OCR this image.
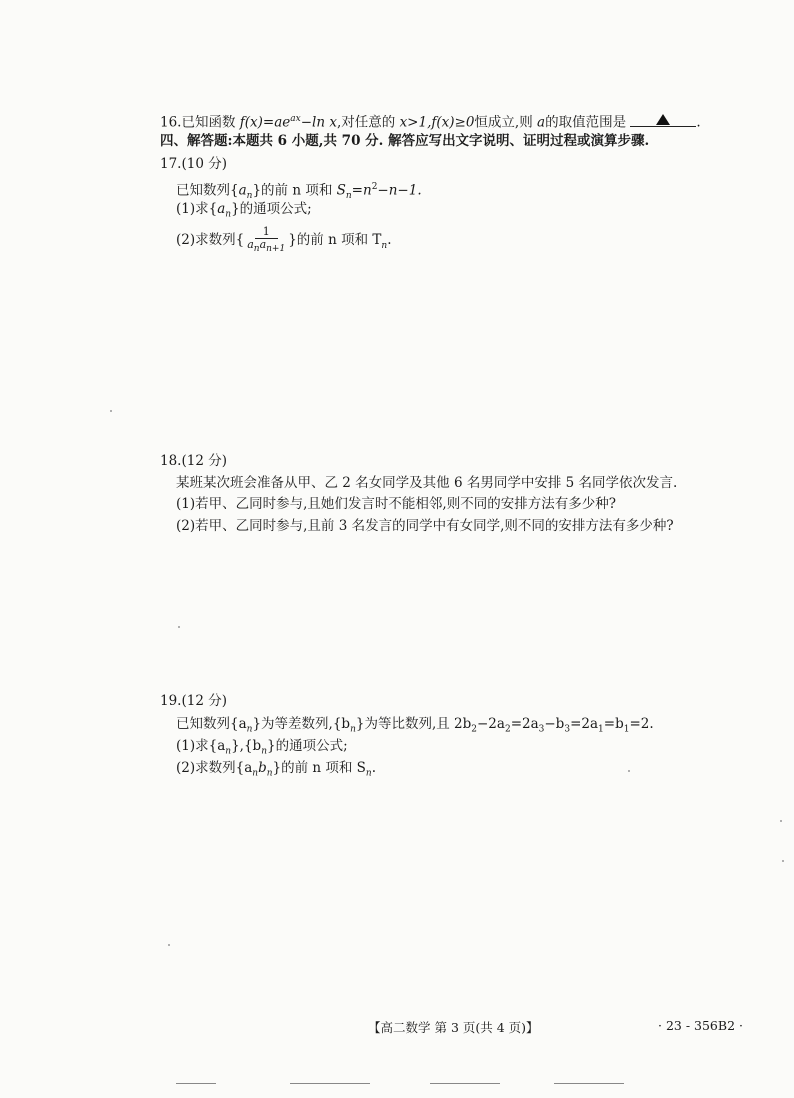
16.已知函数 $f(x)=ae^{ax}-\ln$ x,对任意的 x>1,f(x)≥0恒成立,则 a的取值范围是	.
四、解答题:本题共 6 小题,共 70 分. 解答应写出文字说明、证明过程或演算步骤.
17.(10 分)
已知数列$\{a_n\}$的前 n 项和 $S_n=n^2-n-1$.
(1)求$\{a_n\}$的通项公式;
(2)求数列{ $\frac{1}{a_na_{n+1}}$ }的前 n 项和 $T_n$.
18.(12 分)
某班某次班会准备从甲、乙 2 名女同学及其他 6 名男同学中安排 5 名同学依次发言.
(1)若甲、乙同时参与,且她们发言时不能相邻,则不同的安排方法有多少种?
(2)若甲、乙同时参与,且前 3 名发言的同学中有女同学,则不同的安排方法有多少种?
19.(12 分)
已知数列$\{a_n\}$为等差数列$,\{b_n\}$为等比数列,且 $2b_2-2a_2=2a_3-b_3=2a_1=b_1=2$.
(1)求$\{a_n\},\{b_n\}$的通项公式;
(2)求数列$\{a_nb_n\}$的前 n 项和 $S_n$.
【高二数学 第 3 页(共 4 页)】	· 23 - 356B2 ·
